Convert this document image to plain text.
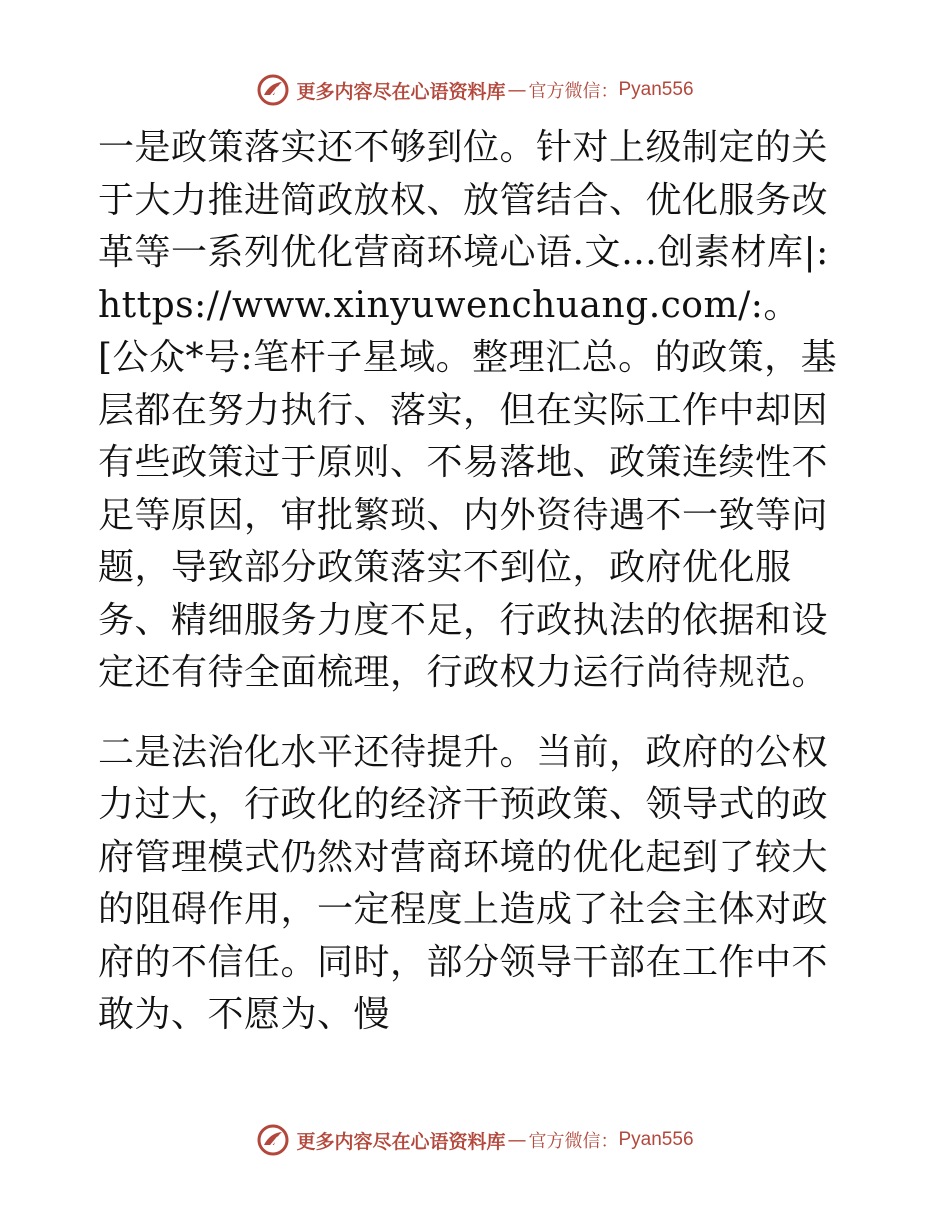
更多内容尽在心语资料库 — 官方微信： Pyan556

一是政策落实还不够到位。针对上级制定的关于大力推进简政放权、放管结合、优化服务改革等一系列优化营商环境心语.文…创素材库|:https://www.xinyuwenchuang.com/:。[公众*号:笔杆子星域。整理汇总。的政策，基层都在努力执行、落实，但在实际工作中却因有些政策过于原则、不易落地、政策连续性不足等原因，审批繁琐、内外资待遇不一致等问题，导致部分政策落实不到位，政府优化服务、精细服务力度不足，行政执法的依据和设定还有待全面梳理，行政权力运行尚待规范。

二是法治化水平还待提升。当前，政府的公权力过大，行政化的经济干预政策、领导式的政府管理模式仍然对营商环境的优化起到了较大的阻碍作用，一定程度上造成了社会主体对政府的不信任。同时，部分领导干部在工作中不敢为、不愿为、慢

更多内容尽在心语资料库 — 官方微信： Pyan556
